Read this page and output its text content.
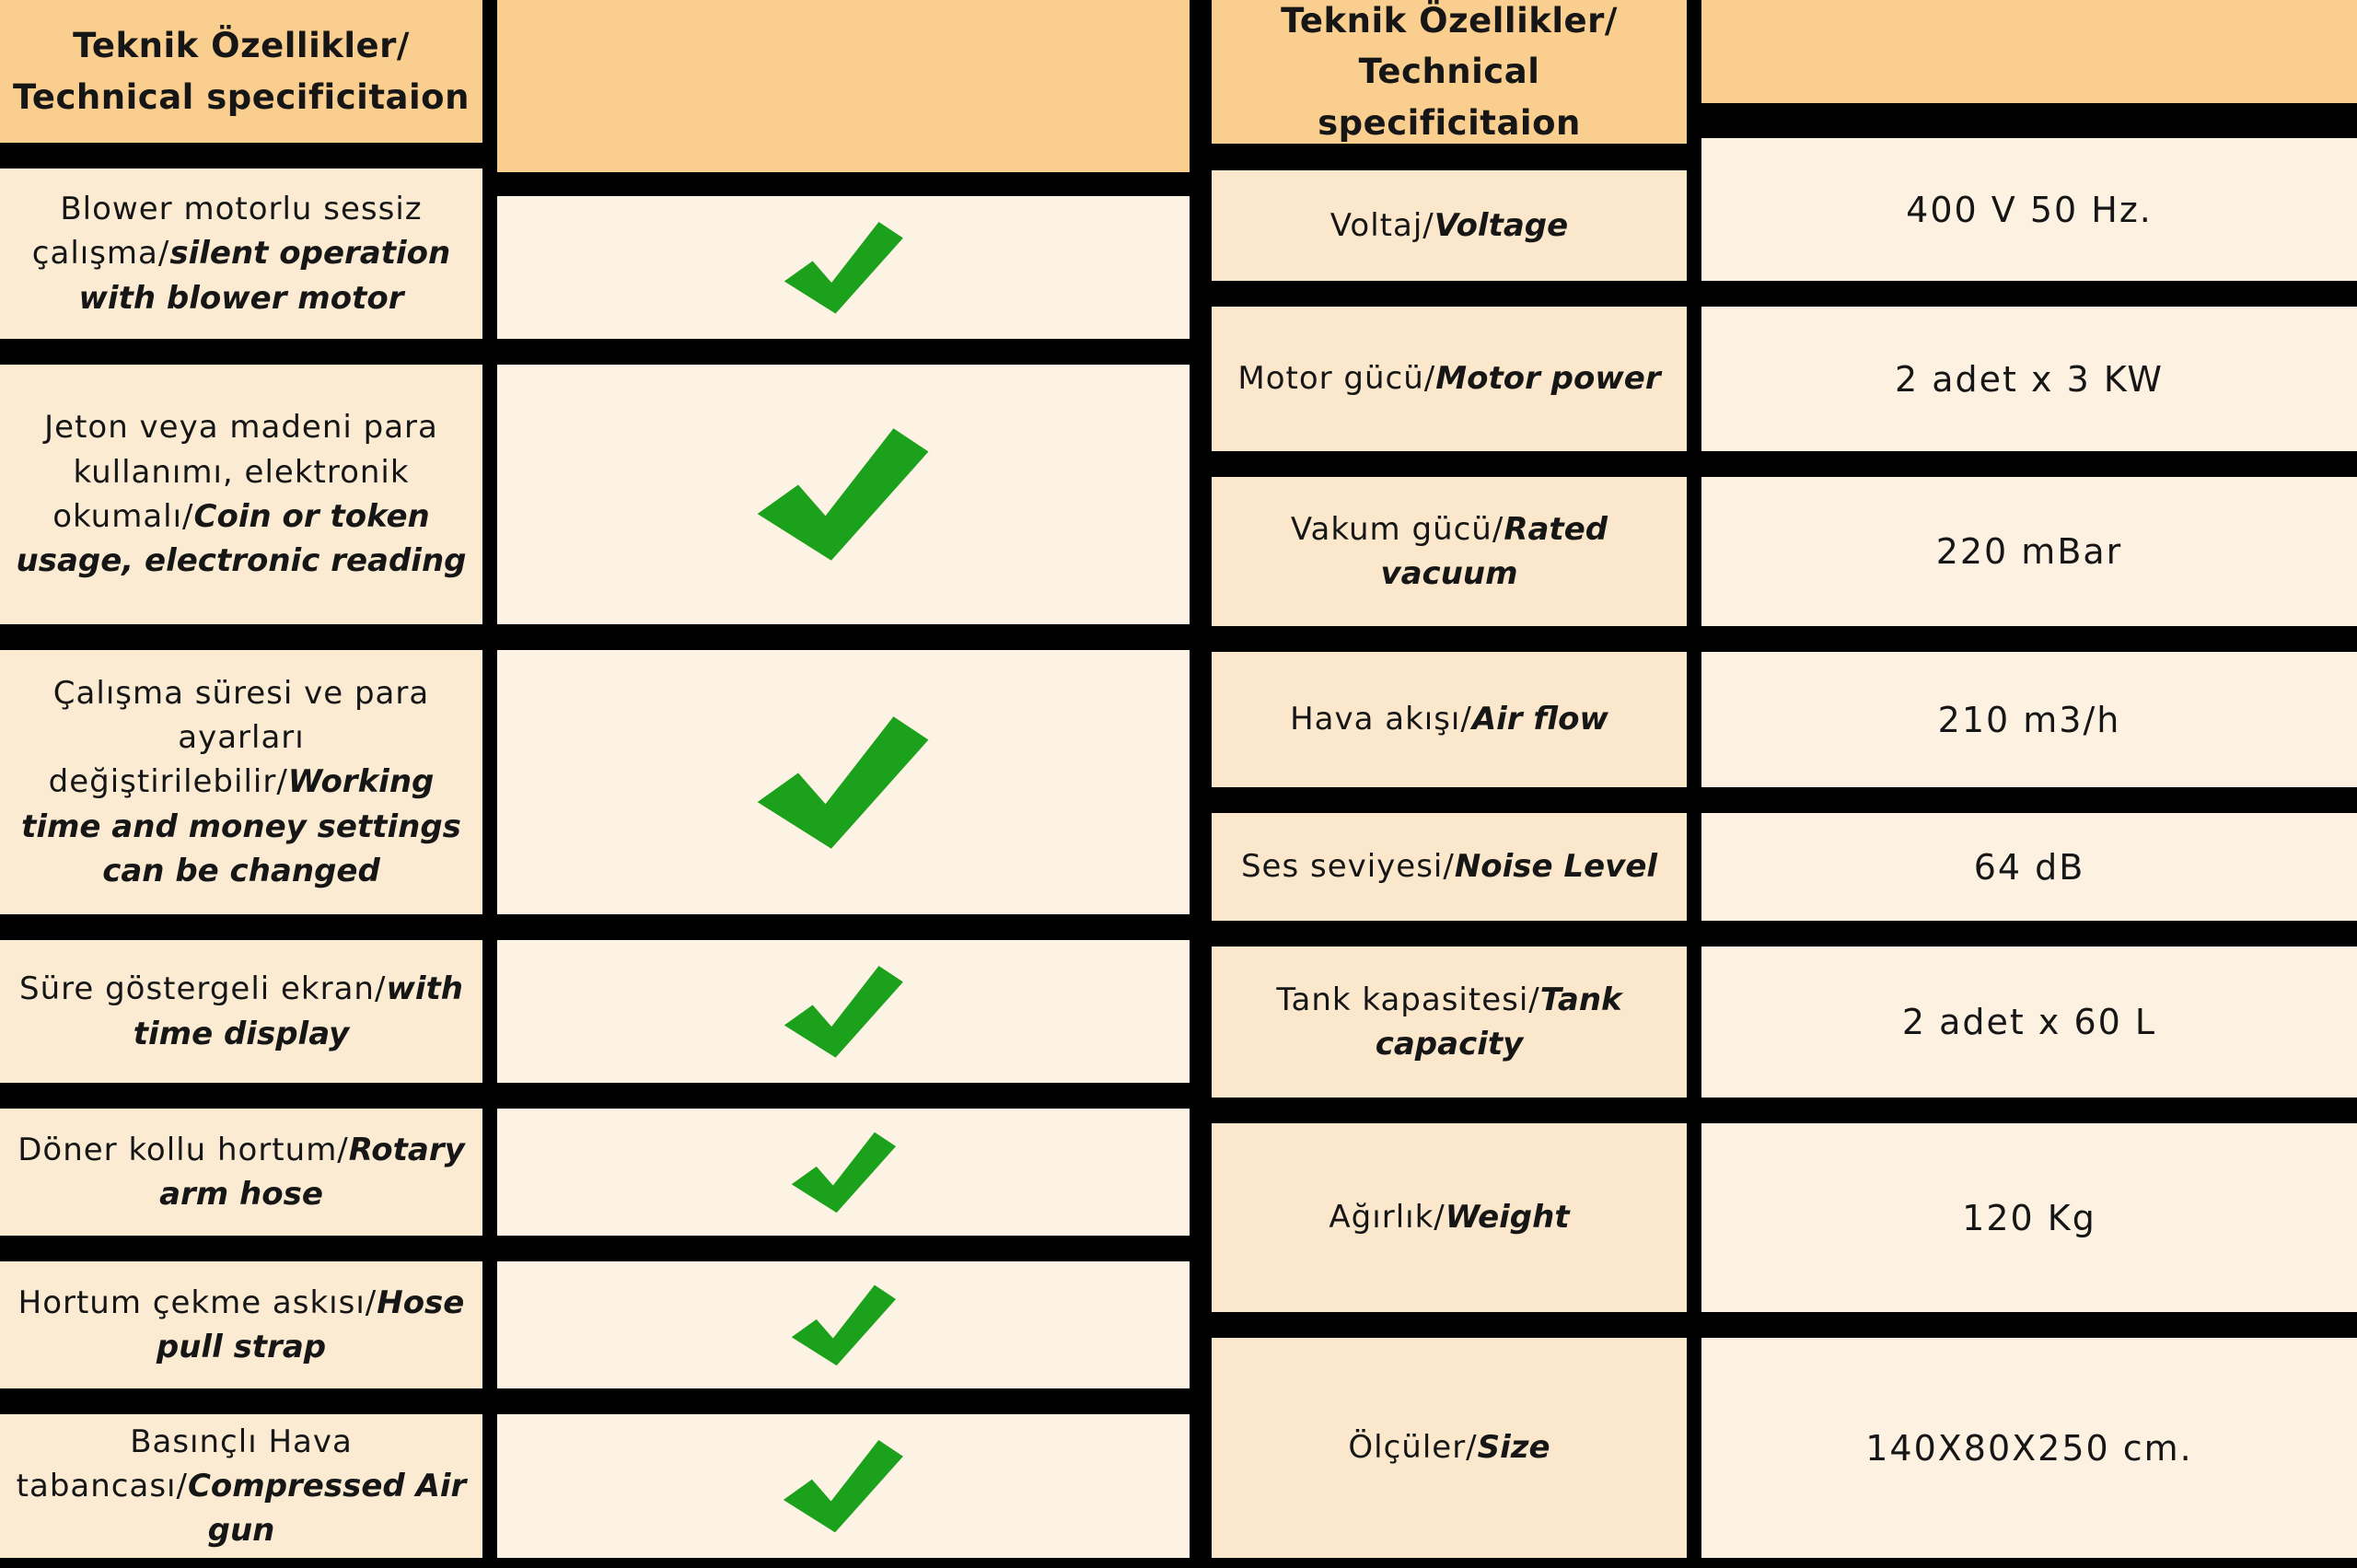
Teknik Özellikler/
Technical specificitaion
Blower motorlu sessiz çalışma/silent operation with blower motor
Jeton veya madeni para kullanımı, elektronik okumalı/Coin or token usage, electronic reading
Çalışma süresi ve para ayarları değiştirilebilir/Working time and money settings can be changed
Süre göstergeli ekran/with time display
Döner kollu hortum/Rotary arm hose
Hortum çekme askısı/Hose pull strap
Basınçlı Hava tabancası/Compressed Air gun
Teknik Özellikler/
Technical specificitaion
Voltaj/Voltage
Motor gücü/Motor power
Vakum gücü/Rated vacuum
Hava akışı/Air flow
Ses seviyesi/Noise Level
Tank kapasitesi/Tank capacity
Ağırlık/Weight
Ölçüler/Size
400 V 50 Hz.
2 adet x 3 KW
220 mBar
210 m3/h
64 dB
2 adet x 60 L
120 Kg
140X80X250 cm.
